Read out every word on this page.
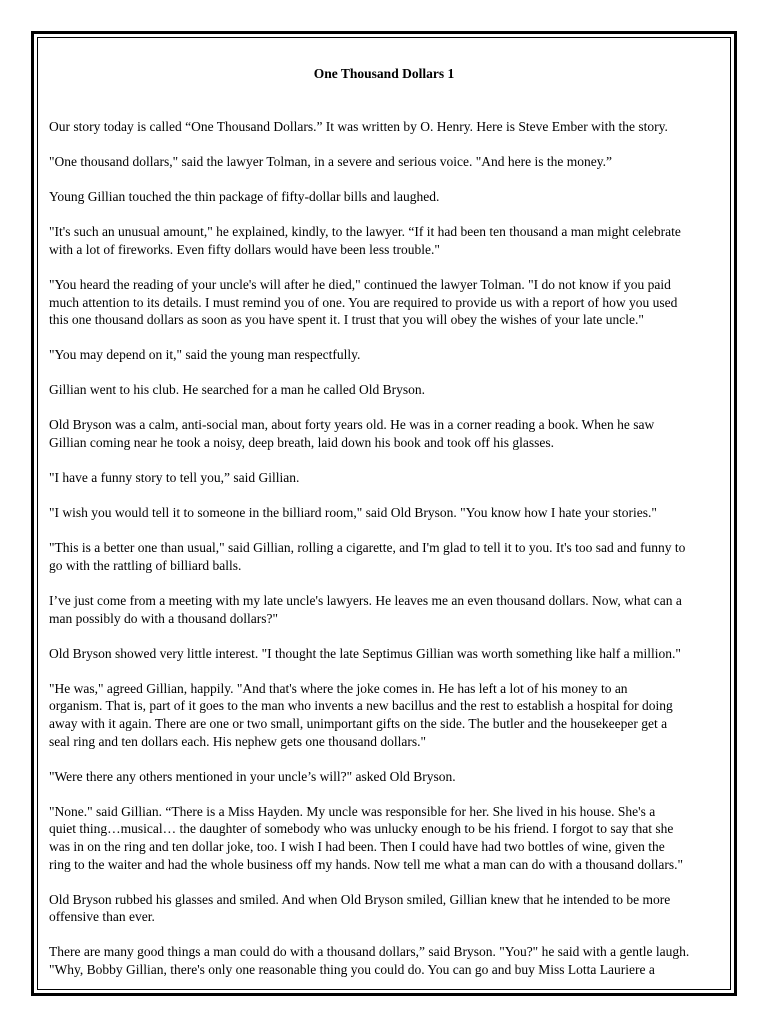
One Thousand Dollars 1

Our story today is called “One Thousand Dollars.” It was written by O. Henry. Here is Steve Ember with the story.

"One thousand dollars," said the lawyer Tolman, in a severe and serious voice. "And here is the money.”

Young Gillian touched the thin package of fifty-dollar bills and laughed.

"It's such an unusual amount," he explained, kindly, to the lawyer. “If it had been ten thousand a man might celebrate
with a lot of fireworks. Even fifty dollars would have been less trouble."

"You heard the reading of your uncle's will after he died," continued the lawyer Tolman. "I do not know if you paid
much attention to its details. I must remind you of one. You are required to provide us with a report of how you used
this one thousand dollars as soon as you have spent it. I trust that you will obey the wishes of your late uncle."

"You may depend on it," said the young man respectfully.

Gillian went to his club. He searched for a man he called Old Bryson.

Old Bryson was a calm, anti-social man, about forty years old. He was in a corner reading a book. When he saw
Gillian coming near he took a noisy, deep breath, laid down his book and took off his glasses.

"I have a funny story to tell you,” said Gillian.

"I wish you would tell it to someone in the billiard room," said Old Bryson. "You know how I hate your stories."

"This is a better one than usual," said Gillian, rolling a cigarette, and I'm glad to tell it to you. It's too sad and funny to
go with the rattling of billiard balls.

I’ve just come from a meeting with my late uncle's lawyers. He leaves me an even thousand dollars. Now, what can a
man possibly do with a thousand dollars?"

Old Bryson showed very little interest. "I thought the late Septimus Gillian was worth something like half a million."

"He was," agreed Gillian, happily. "And that's where the joke comes in. He has left a lot of his money to an
organism. That is, part of it goes to the man who invents a new bacillus and the rest to establish a hospital for doing
away with it again. There are one or two small, unimportant gifts on the side. The butler and the housekeeper get a
seal ring and ten dollars each. His nephew gets one thousand dollars."

"Were there any others mentioned in your uncle’s will?" asked Old Bryson.

"None." said Gillian. “There is a Miss Hayden. My uncle was responsible for her. She lived in his house. She's a
quiet thing…musical… the daughter of somebody who was unlucky enough to be his friend. I forgot to say that she
was in on the ring and ten dollar joke, too. I wish I had been. Then I could have had two bottles of wine, given the
ring to the waiter and had the whole business off my hands. Now tell me what a man can do with a thousand dollars."

Old Bryson rubbed his glasses and smiled. And when Old Bryson smiled, Gillian knew that he intended to be more
offensive than ever.

There are many good things a man could do with a thousand dollars,” said Bryson. "You?" he said with a gentle laugh.
"Why, Bobby Gillian, there's only one reasonable thing you could do. You can go and buy Miss Lotta Lauriere a
